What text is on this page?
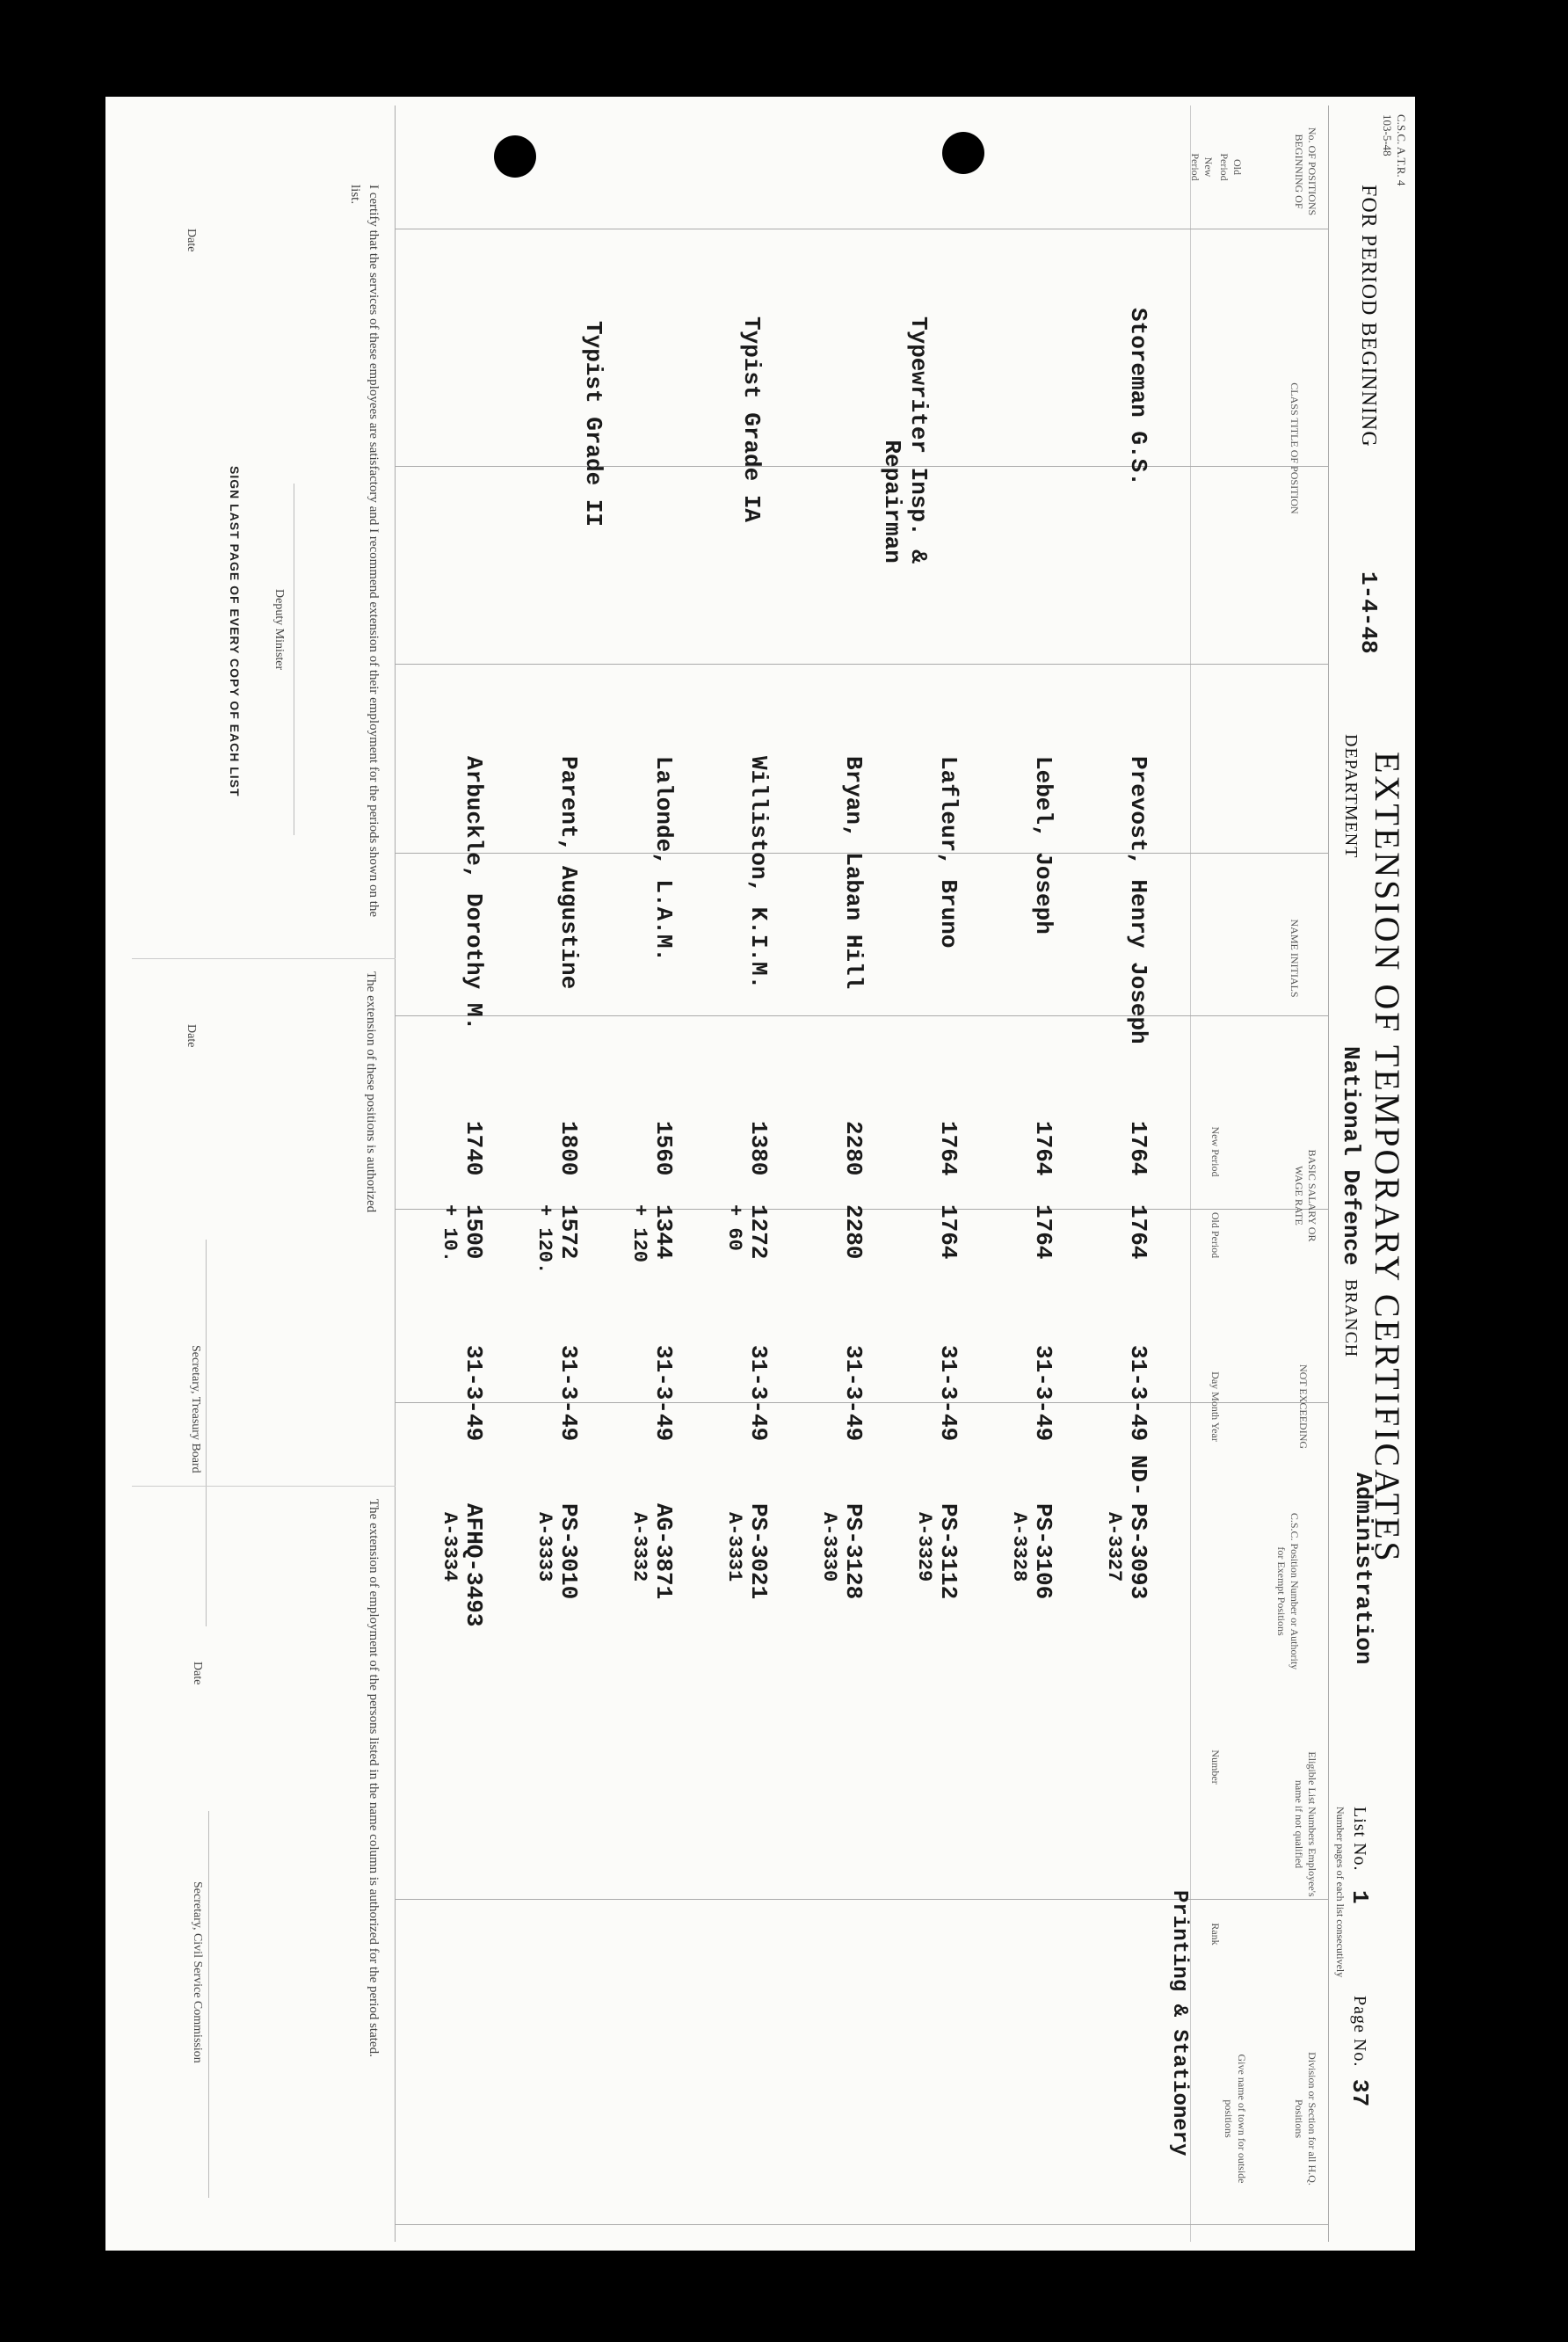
C.S.C. A.T.R. 4
103-5-48
FOR PERIOD BEGINNING
1-4-48
EXTENSION OF TEMPORARY CERTIFICATES
DEPARTMENT
National Defence
BRANCH
Administration
List No.
1
Page No.
37
Number pages of each list consecutively
No. OF POSITIONS BEGINNING OF
Old Period
New Period
CLASS TITLE OF POSITION
NAME INITIALS
BASIC SALARY OR WAGE RATE
New Period
Old Period
NOT EXCEEDING
Day Month Year
C.S.C. Position Number or Authority for Exempt Positions
Eligible List Numbers Employee's name if not qualified
Number
Rank
Division or Section for all H.Q. Positions
Give name of town for outside positions
Printing & Stationery
Storeman G.S.
Typewriter Insp. &
Repairman
Typist Grade IA
Typist Grade II
Prevost, Henry Joseph
1764
1764
31-3-49 ND-
PS-3093
A-3327
Lebel, Joseph
1764
1764
31-3-49
PS-3106
A-3328
Lafleur, Bruno
1764
1764
31-3-49
PS-3112
A-3329
Bryan, Laban Hill
2280
2280
31-3-49
PS-3128
A-3330
Williston, K.I.M.
1380
1272
+ 60
31-3-49
PS-3021
A-3331
Lalonde, L.A.M.
1560
1344
+ 120
31-3-49
AG-3871
A-3332
Parent, Augustine
1800
1572
+ 120.
31-3-49
PS-3010
A-3333
Arbuckle, Dorothy M.
1740
1500
+ 10.
31-3-49
AFHQ-3493
A-3334
I certify that the services of these employees are satisfactory and I recommend extension of their employment for the periods shown on the list.
Date
Deputy Minister
SIGN LAST PAGE OF EVERY COPY OF EACH LIST
The extension of these positions is authorized
Date
Secretary, Treasury Board
The extension of employment of the persons listed in the name column is authorized for the period stated.
Date
Secretary, Civil Service Commission
